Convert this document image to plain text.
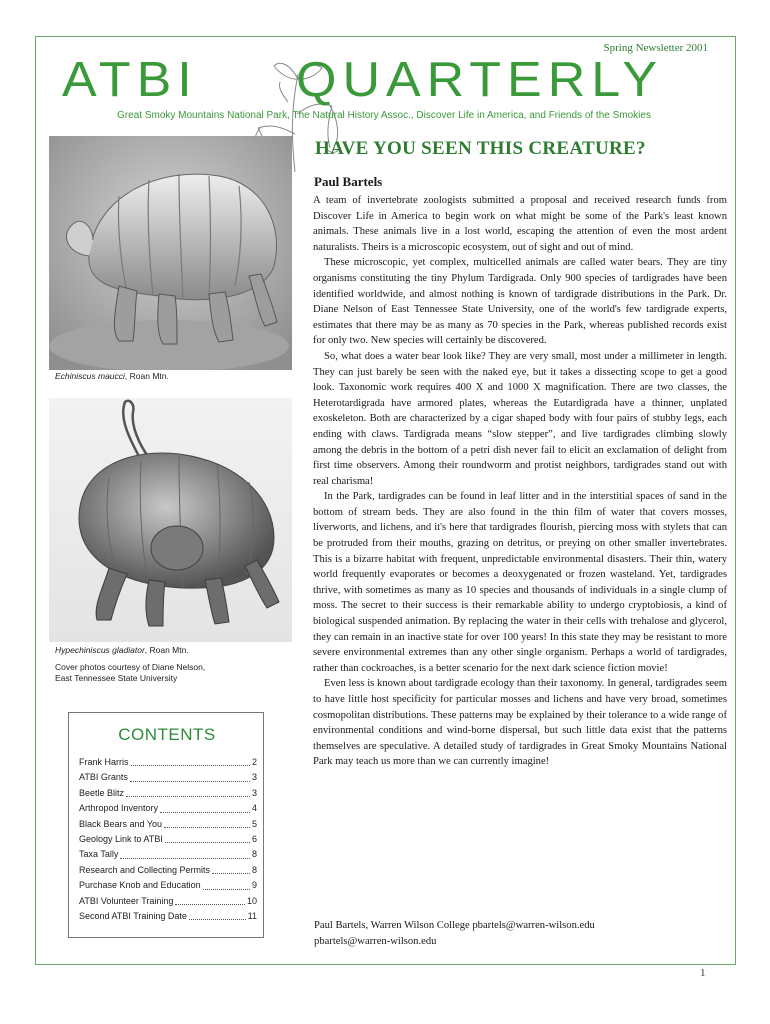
Spring Newsletter 2001
ATBI QUARTERLY
Great Smoky Mountains National Park, The Natural History Assoc., Discover Life in America, and Friends of the Smokies
Echiniscus maucci, Roan Mtn.
Hypechiniscus gladiator, Roan Mtn.
Cover photos courtesy of Diane Nelson,
East Tennessee State University
CONTENTS
Frank Harris	2
ATBI Grants	3
Beetle Blitz	3
Arthropod Inventory	4
Black Bears and You	5
Geology Link to ATBI	6
Taxa Tally	8
Research and Collecting Permits	8
Purchase Knob and Education	9
ATBI Volunteer Training	10
Second ATBI Training Date	11
HAVE YOU SEEN THIS CREATURE?
Paul Bartels

A team of invertebrate zoologists submitted a proposal and received research funds from Discover Life in America to begin work on what might be some of the Park's least known animals. These animals live in a lost world, escaping the attention of even the most ardent naturalists. Theirs is a microscopic ecosystem, out of sight and out of mind.

These microscopic, yet complex, multicelled animals are called water bears. They are tiny organisms constituting the tiny Phylum Tardigrada. Only 900 species of tardigrades have been identified worldwide, and almost nothing is known of tardigrade distributions in the Park. Dr. Diane Nelson of East Tennessee State University, one of the world's few tardigrade experts, estimates that there may be as many as 70 species in the Park, whereas published records exist for only two. New species will certainly be discovered.

So, what does a water bear look like? They are very small, most under a millimeter in length. They can just barely be seen with the naked eye, but it takes a dissecting scope to get a good look. Taxonomic work requires 400 X and 1000 X magnification. There are two classes, the Heterotardigrada have armored plates, whereas the Eutardigrada have a thinner, unplated exoskeleton. Both are characterized by a cigar shaped body with four pairs of stubby legs, each ending with claws. Tardigrada means “slow stepper”, and live tardigrades climbing slowly among the debris in the bottom of a petri dish never fail to elicit an exclamation of delight from first time observers. Among their roundworm and protist neighbors, tardigrades stand out with real charisma!

In the Park, tardigrades can be found in leaf litter and in the interstitial spaces of sand in the bottom of stream beds. They are also found in the thin film of water that covers mosses, liverworts, and lichens, and it's here that tardigrades flourish, piercing moss with stylets that can be protruded from their mouths, grazing on detritus, or preying on other smaller invertebrates. This is a bizarre habitat with frequent, unpredictable environmental disasters. Their thin, watery world frequently evaporates or becomes a deoxygenated or frozen wasteland. Yet, tardigrades thrive, with sometimes as many as 10 species and thousands of individuals in a single clump of moss. The secret to their success is their remarkable ability to undergo cryptobiosis, a kind of biological suspended animation. By replacing the water in their cells with trehalose and glycerol, they can remain in an inactive state for over 100 years! In this state they may be resistant to more severe environmental extremes than any other single organism. Perhaps a world of tardigrades, rather than cockroaches, is a better scenario for the next dark science fiction movie!

Even less is known about tardigrade ecology than their taxonomy. In general, tardigrades seem to have little host specificity for particular mosses and lichens and have very broad, sometimes cosmopolitan distributions. These patterns may be explained by their tolerance to a wide range of environmental conditions and wind-borne dispersal, but such little data exist that the patterns themselves are speculative. A detailed study of tardigrades in Great Smoky Mountains National Park may teach us more than we can currently imagine!

Paul Bartels, Warren Wilson College pbartels@warren-wilson.edu
pbartels@warren-wilson.edu
1
